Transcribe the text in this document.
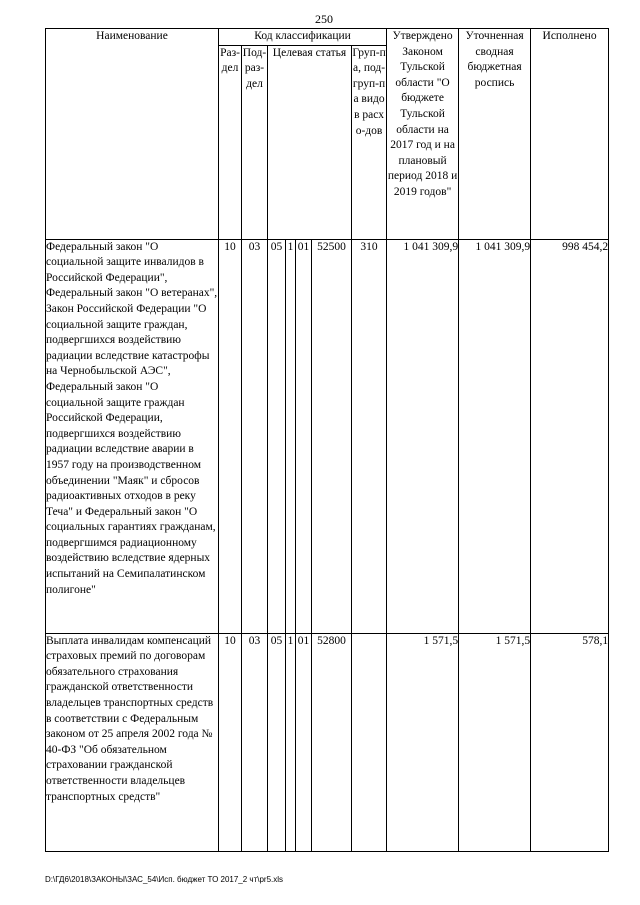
250
Наименование	Код классификации							Утверждено Законом Тульской области "О бюджете Тульской области на 2017 год и на плановый период 2018 и 2019 годов"	Уточненная сводная бюджетная роспись	Исполнено
	Раз-дел	Под-раз-дел	Целевая статья				Груп-па, под-груп-па видов расхо-дов			
Федеральный закон "О социальной защите инвалидов в Российской Федерации", Федеральный закон "О ветеранах", Закон Российской Федерации "О социальной защите граждан, подвергшихся воздействию радиации вследствие катастрофы на Чернобыльской АЭС", Федеральный закон "О социальной защите граждан Российской Федерации, подвергшихся воздействию радиации вследствие аварии в 1957 году на производственном объединении "Маяк" и сбросов радиоактивных отходов в реку Теча" и Федеральный закон "О социальных гарантиях гражданам, подвергшимся радиационному воздействию вследствие ядерных испытаний на Семипалатинском полигоне"	10	03	05	1	01	52500	310	1 041 309,9	1 041 309,9	998 454,2
Выплата инвалидам компенсаций страховых премий по договорам обязательного страхования гражданской ответственности владельцев транспортных средств в соответствии с Федеральным законом от 25 апреля 2002 года № 40-ФЗ "Об обязательном страховании гражданской ответственности владельцев транспортных средств"	10	03	05	1	01	52800		1 571,5	1 571,5	578,1
D:\ГД6\2018\ЗАКОНЫ\ЗАС_54\Исп. бюджет ТО 2017_2 чт\pr5.xls
